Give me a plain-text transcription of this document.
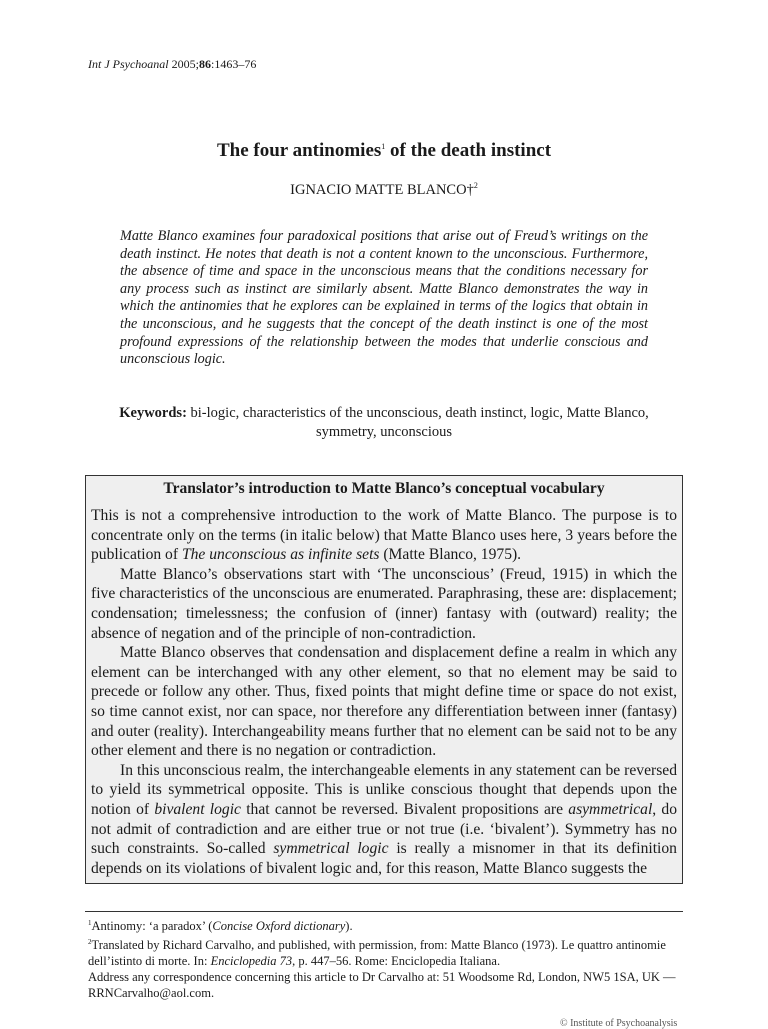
Int J Psychoanal 2005;86:1463–76
The four antinomies$^1$ of the death instinct
IGNACIO MATTE BLANCO†$^2$
Matte Blanco examines four paradoxical positions that arise out of Freud’s writings on the death instinct. He notes that death is not a content known to the unconscious. Furthermore, the absence of time and space in the unconscious means that the conditions necessary for any process such as instinct are similarly absent. Matte Blanco demonstrates the way in which the antinomies that he explores can be explained in terms of the logics that obtain in the unconscious, and he suggests that the concept of the death instinct is one of the most profound expressions of the relationship between the modes that underlie conscious and unconscious logic.
Keywords: bi-logic, characteristics of the unconscious, death instinct, logic, Matte Blanco, symmetry, unconscious
Translator’s introduction to Matte Blanco’s conceptual vocabulary

This is not a comprehensive introduction to the work of Matte Blanco. The purpose is to concentrate only on the terms (in italic below) that Matte Blanco uses here, 3 years before the publication of The unconscious as infinite sets (Matte Blanco, 1975).

Matte Blanco’s observations start with ‘The unconscious’ (Freud, 1915) in which the five characteristics of the unconscious are enumerated. Paraphrasing, these are: displacement; condensation; timelessness; the confusion of (inner) fantasy with (outward) reality; the absence of negation and of the principle of non-contradiction.

Matte Blanco observes that condensation and displacement define a realm in which any element can be interchanged with any other element, so that no element may be said to precede or follow any other. Thus, fixed points that might define time or space do not exist, so time cannot exist, nor can space, nor therefore any differentiation between inner (fantasy) and outer (reality). Interchangeability means further that no element can be said not to be any other element and there is no negation or contradiction.

In this unconscious realm, the interchangeable elements in any statement can be reversed to yield its symmetrical opposite. This is unlike conscious thought that depends upon the notion of bivalent logic that cannot be reversed. Bivalent propositions are asymmetrical, do not admit of contradiction and are either true or not true (i.e. ‘bivalent’). Symmetry has no such constraints. So-called symmetrical logic is really a misnomer in that its definition depends on its violations of bivalent logic and, for this reason, Matte Blanco suggests the

$^1$Antinomy: ‘a paradox’ (Concise Oxford dictionary).

$^2$Translated by Richard Carvalho, and published, with permission, from: Matte Blanco (1973). Le quattro antinomie dell’istinto di morte. In: Enciclopedia 73, p. 447–56. Rome: Enciclopedia Italiana.

Address any correspondence concerning this article to Dr Carvalho at: 51 Woodsome Rd, London, NW5 1SA, UK — RRNCarvalho@aol.com.

© Institute of Psychoanalysis
